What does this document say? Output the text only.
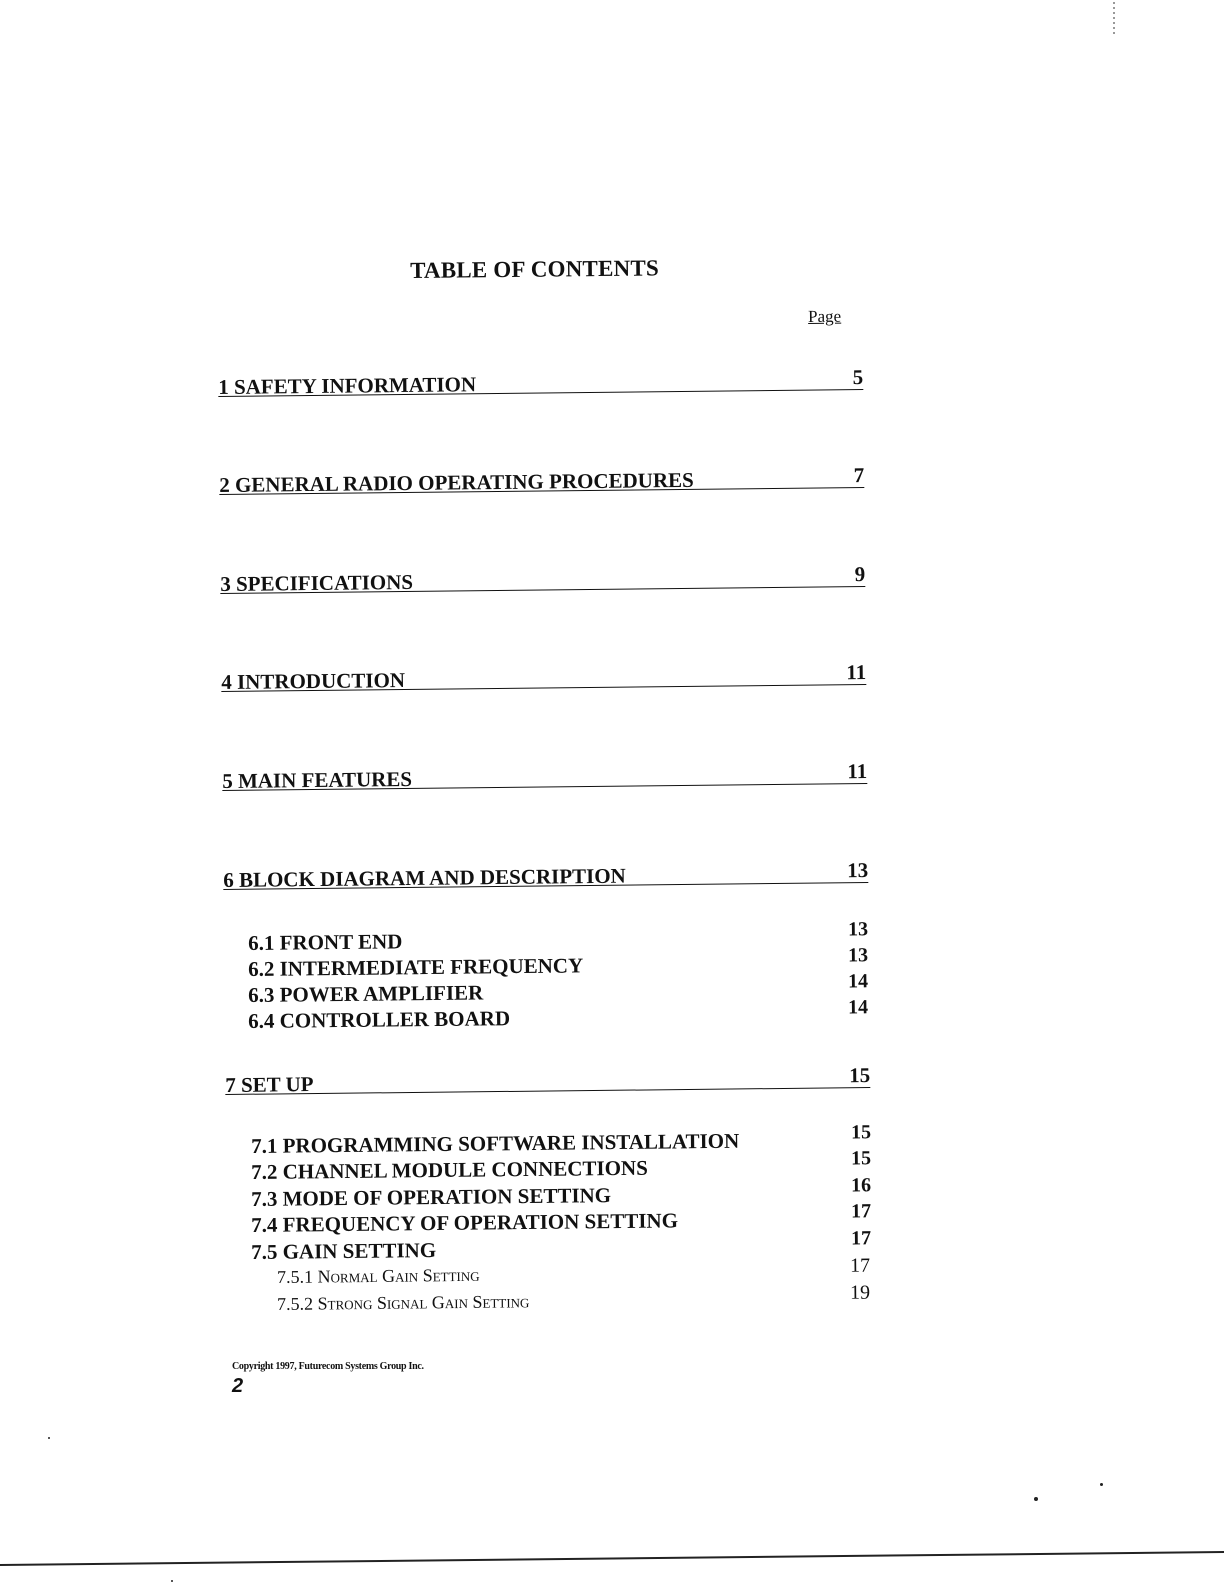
TABLE OF CONTENTS
Page
1 SAFETY INFORMATION	5
2 GENERAL RADIO OPERATING PROCEDURES	7
3 SPECIFICATIONS	9
4 INTRODUCTION	11
5 MAIN FEATURES	11
6 BLOCK DIAGRAM AND DESCRIPTION	13
6.1 FRONT END	13
6.2 INTERMEDIATE FREQUENCY	13
6.3 POWER AMPLIFIER	14
6.4 CONTROLLER BOARD	14
7 SET UP	15
7.1 PROGRAMMING SOFTWARE INSTALLATION	15
7.2 CHANNEL MODULE CONNECTIONS	15
7.3 MODE OF OPERATION SETTING	16
7.4 FREQUENCY OF OPERATION SETTING	17
7.5 GAIN SETTING	17
7.5.1 Normal Gain Setting	17
7.5.2 Strong Signal Gain Setting	19
Copyright 1997, Futurecom Systems Group Inc.
2
